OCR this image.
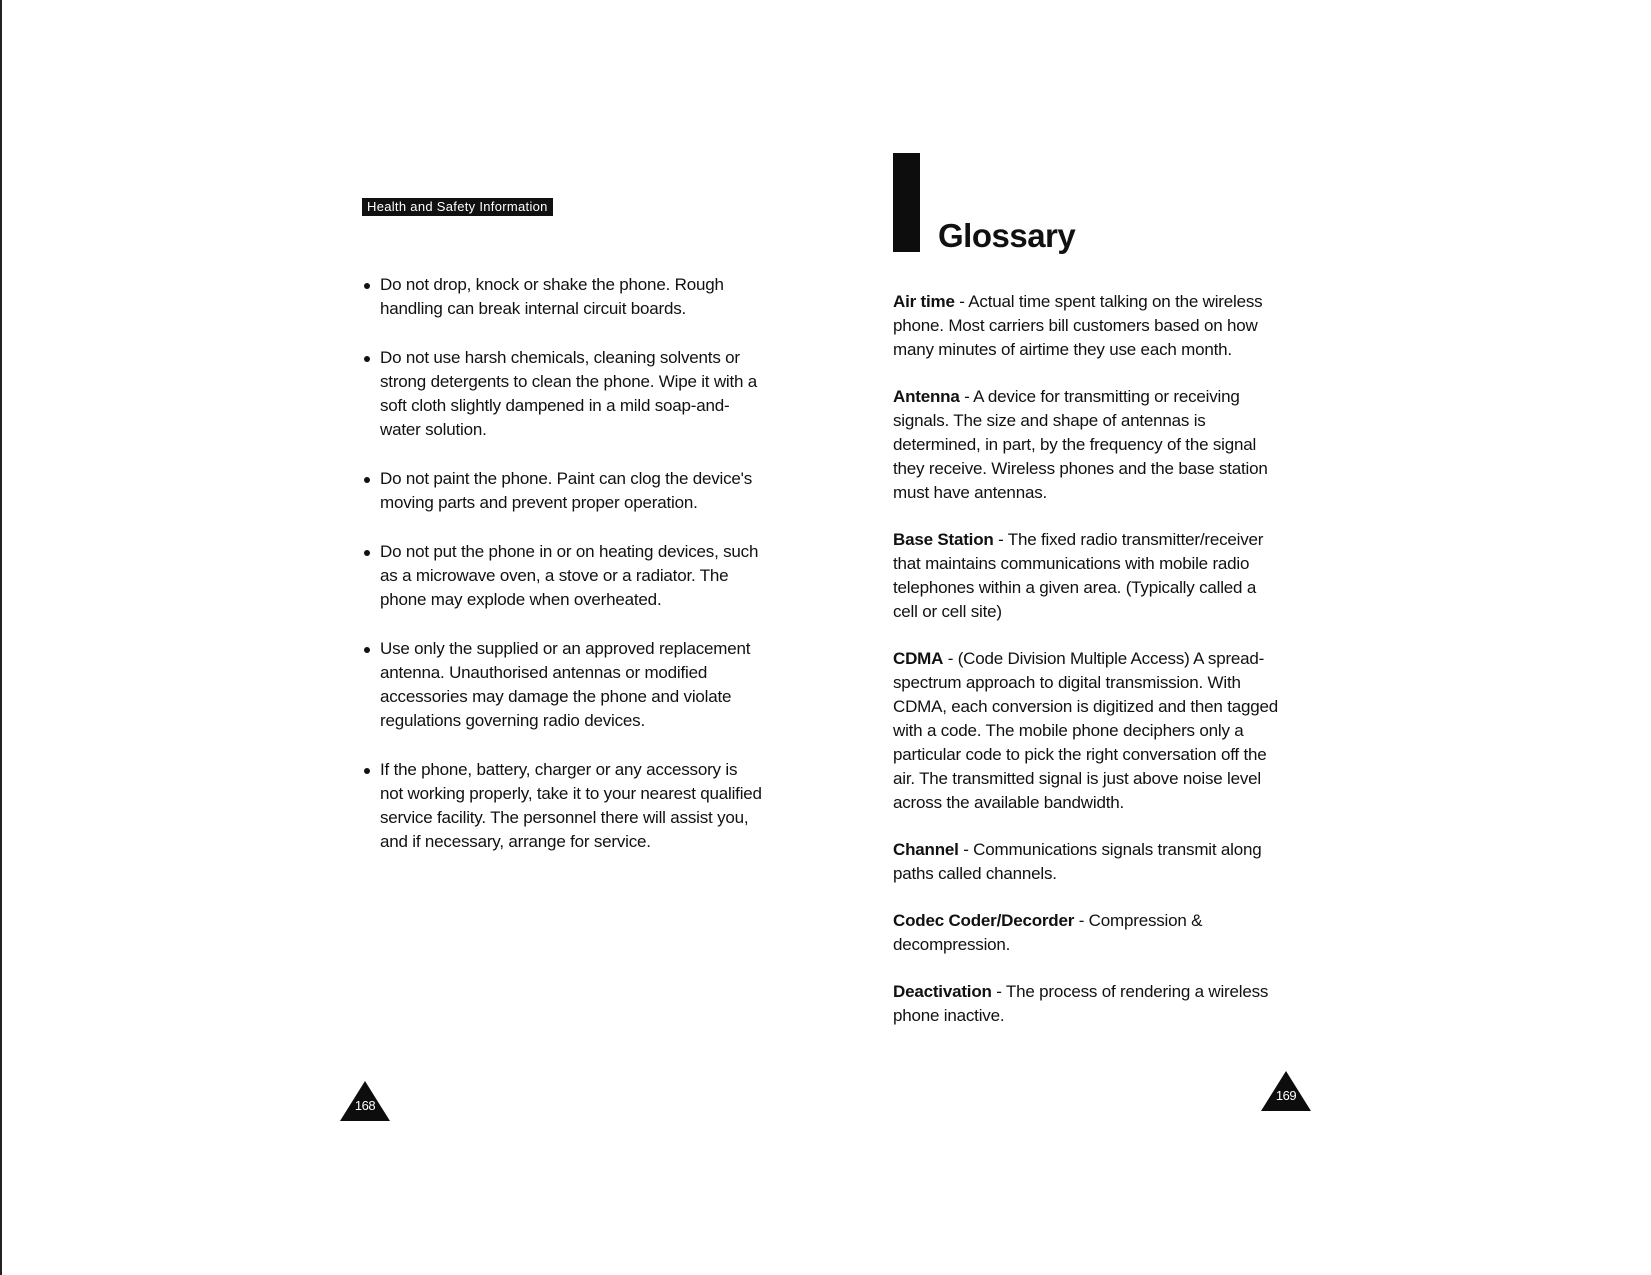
Health and Safety Information
Do not drop, knock or shake the phone. Rough handling can break internal circuit boards.
Do not use harsh chemicals, cleaning solvents or strong detergents to clean the phone. Wipe it with a soft cloth slightly dampened in a mild soap-and-water solution.
Do not paint the phone. Paint can clog the device's moving parts and prevent proper operation.
Do not put the phone in or on heating devices, such as a microwave oven, a stove or a radiator. The phone may explode when overheated.
Use only the supplied or an approved replacement antenna. Unauthorised antennas or modified accessories may damage the phone and violate regulations governing radio devices.
If the phone, battery, charger or any accessory is not working properly, take it to your nearest qualified service facility. The personnel there will assist you, and if necessary, arrange for service.
168
Glossary

Air time - Actual time spent talking on the wireless phone. Most carriers bill customers based on how many minutes of airtime they use each month.

Antenna - A device for transmitting or receiving signals. The size and shape of antennas is determined, in part, by the frequency of the signal they receive. Wireless phones and the base station must have antennas.

Base Station - The fixed radio transmitter/receiver that maintains communications with mobile radio telephones within a given area. (Typically called a cell or cell site)

CDMA - (Code Division Multiple Access) A spread-spectrum approach to digital transmission. With CDMA, each conversion is digitized and then tagged with a code. The mobile phone deciphers only a particular code to pick the right conversation off the air. The transmitted signal is just above noise level across the available bandwidth.

Channel - Communications signals transmit along paths called channels.

Codec Coder/Decorder - Compression & decompression.

Deactivation - The process of rendering a wireless phone inactive.

169
